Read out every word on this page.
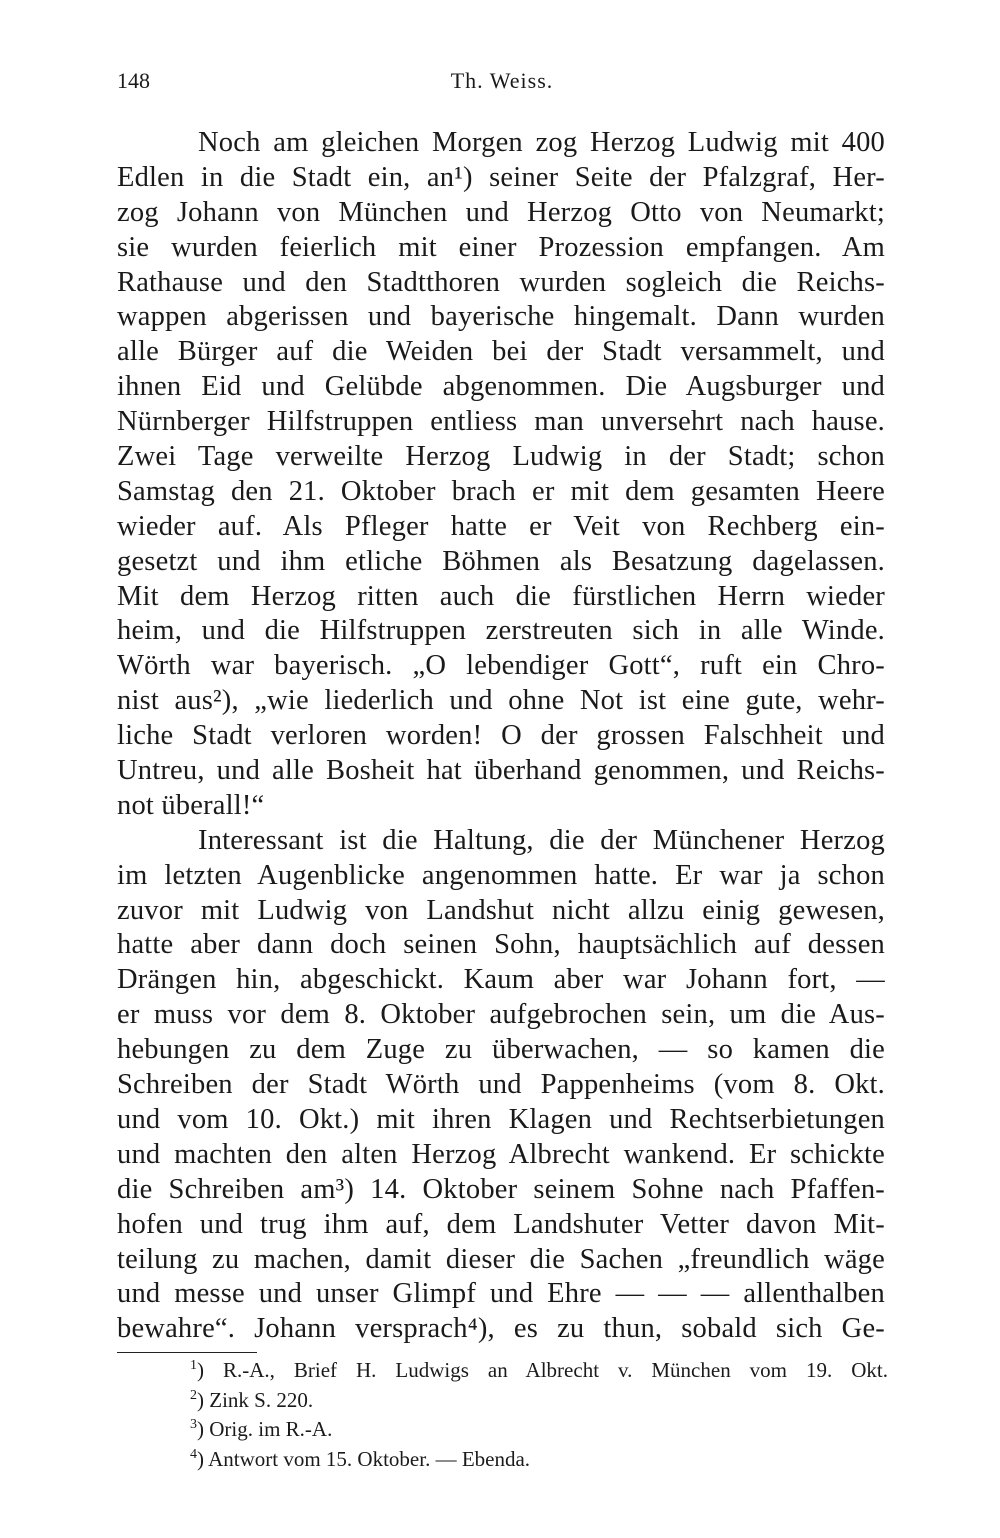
148	Th. Weiss.
Noch am gleichen Morgen zog Herzog Ludwig mit 400
Edlen in die Stadt ein, an¹) seiner Seite der Pfalzgraf, Her-
zog Johann von München und Herzog Otto von Neumarkt;
sie wurden feierlich mit einer Prozession empfangen. Am
Rathause und den Stadtthoren wurden sogleich die Reichs-
wappen abgerissen und bayerische hingemalt. Dann wurden
alle Bürger auf die Weiden bei der Stadt versammelt, und
ihnen Eid und Gelübde abgenommen. Die Augsburger und
Nürnberger Hilfstruppen entliess man unversehrt nach hause.
Zwei Tage verweilte Herzog Ludwig in der Stadt; schon
Samstag den 21. Oktober brach er mit dem gesamten Heere
wieder auf. Als Pfleger hatte er Veit von Rechberg ein-
gesetzt und ihm etliche Böhmen als Besatzung dagelassen.
Mit dem Herzog ritten auch die fürstlichen Herrn wieder
heim, und die Hilfstruppen zerstreuten sich in alle Winde.
Wörth war bayerisch. „O lebendiger Gott“, ruft ein Chro-
nist aus²), „wie liederlich und ohne Not ist eine gute, wehr-
liche Stadt verloren worden! O der grossen Falschheit und
Untreu, und alle Bosheit hat überhand genommen, und Reichs-
not überall!“
Interessant ist die Haltung, die der Münchener Herzog
im letzten Augenblicke angenommen hatte. Er war ja schon
zuvor mit Ludwig von Landshut nicht allzu einig gewesen,
hatte aber dann doch seinen Sohn, hauptsächlich auf dessen
Drängen hin, abgeschickt. Kaum aber war Johann fort, —
er muss vor dem 8. Oktober aufgebrochen sein, um die Aus-
hebungen zu dem Zuge zu überwachen, — so kamen die
Schreiben der Stadt Wörth und Pappenheims (vom 8. Okt.
und vom 10. Okt.) mit ihren Klagen und Rechtserbietungen
und machten den alten Herzog Albrecht wankend. Er schickte
die Schreiben am³) 14. Oktober seinem Sohne nach Pfaffen-
hofen und trug ihm auf, dem Landshuter Vetter davon Mit-
teilung zu machen, damit dieser die Sachen „freundlich wäge
und messe und unser Glimpf und Ehre — — — allenthalben
bewahre“. Johann versprach⁴), es zu thun, sobald sich Ge-
$^1$) R.-A., Brief H. Ludwigs an Albrecht v. München vom 19. Okt.
$^2$) Zink S. 220.
$^3$) Orig. im R.-A.
$^4$) Antwort vom 15. Oktober. — Ebenda.
